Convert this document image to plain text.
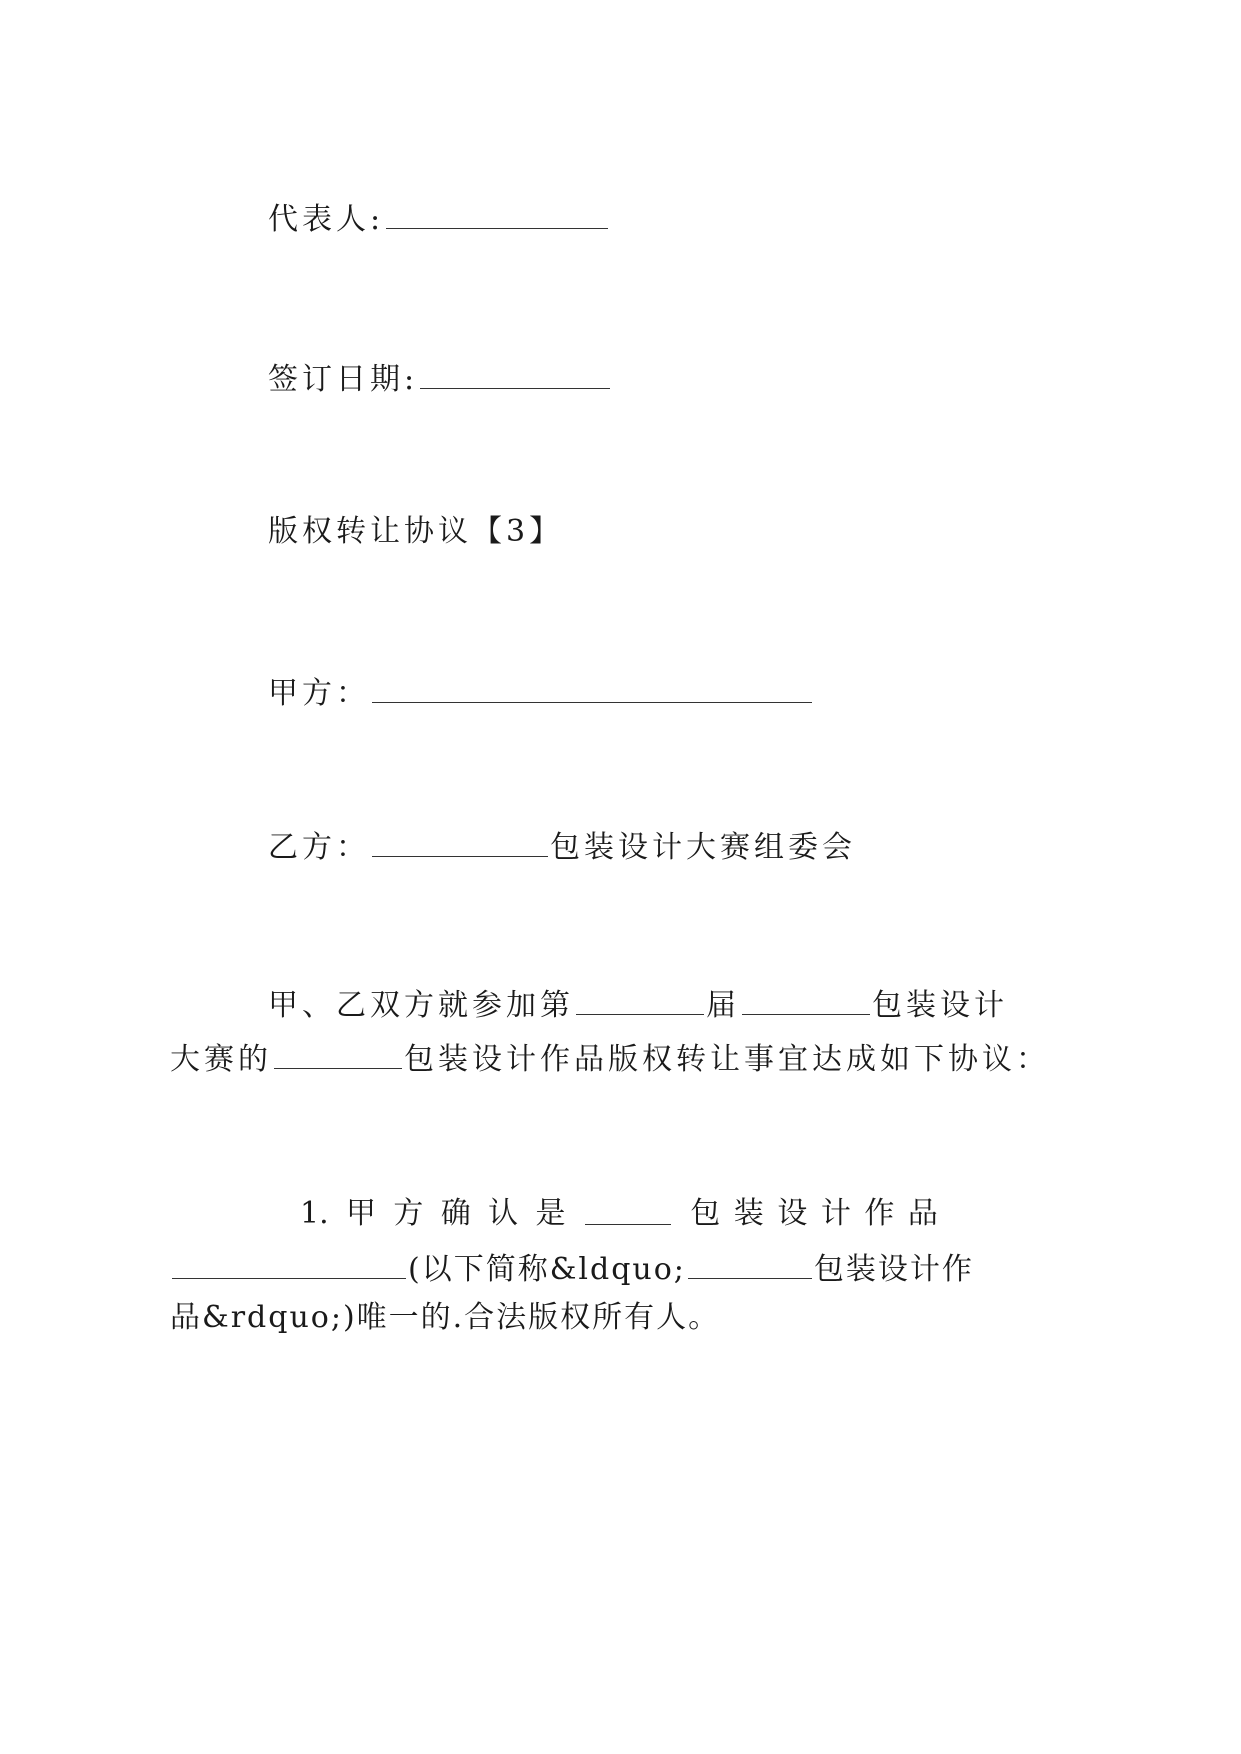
代表人:
签订日期:
版权转让协议【3】
甲方：
乙方：	包装设计大赛组委会
甲、乙双方就参加第	届	包装设计
大赛的	包装设计作品版权转让事宜达成如下协议：
1. 甲 方 确 认 是	包 装 设 计 作 品
(以下简称&ldquo;	包装设计作
品&rdquo;)唯一的.合法版权所有人。
